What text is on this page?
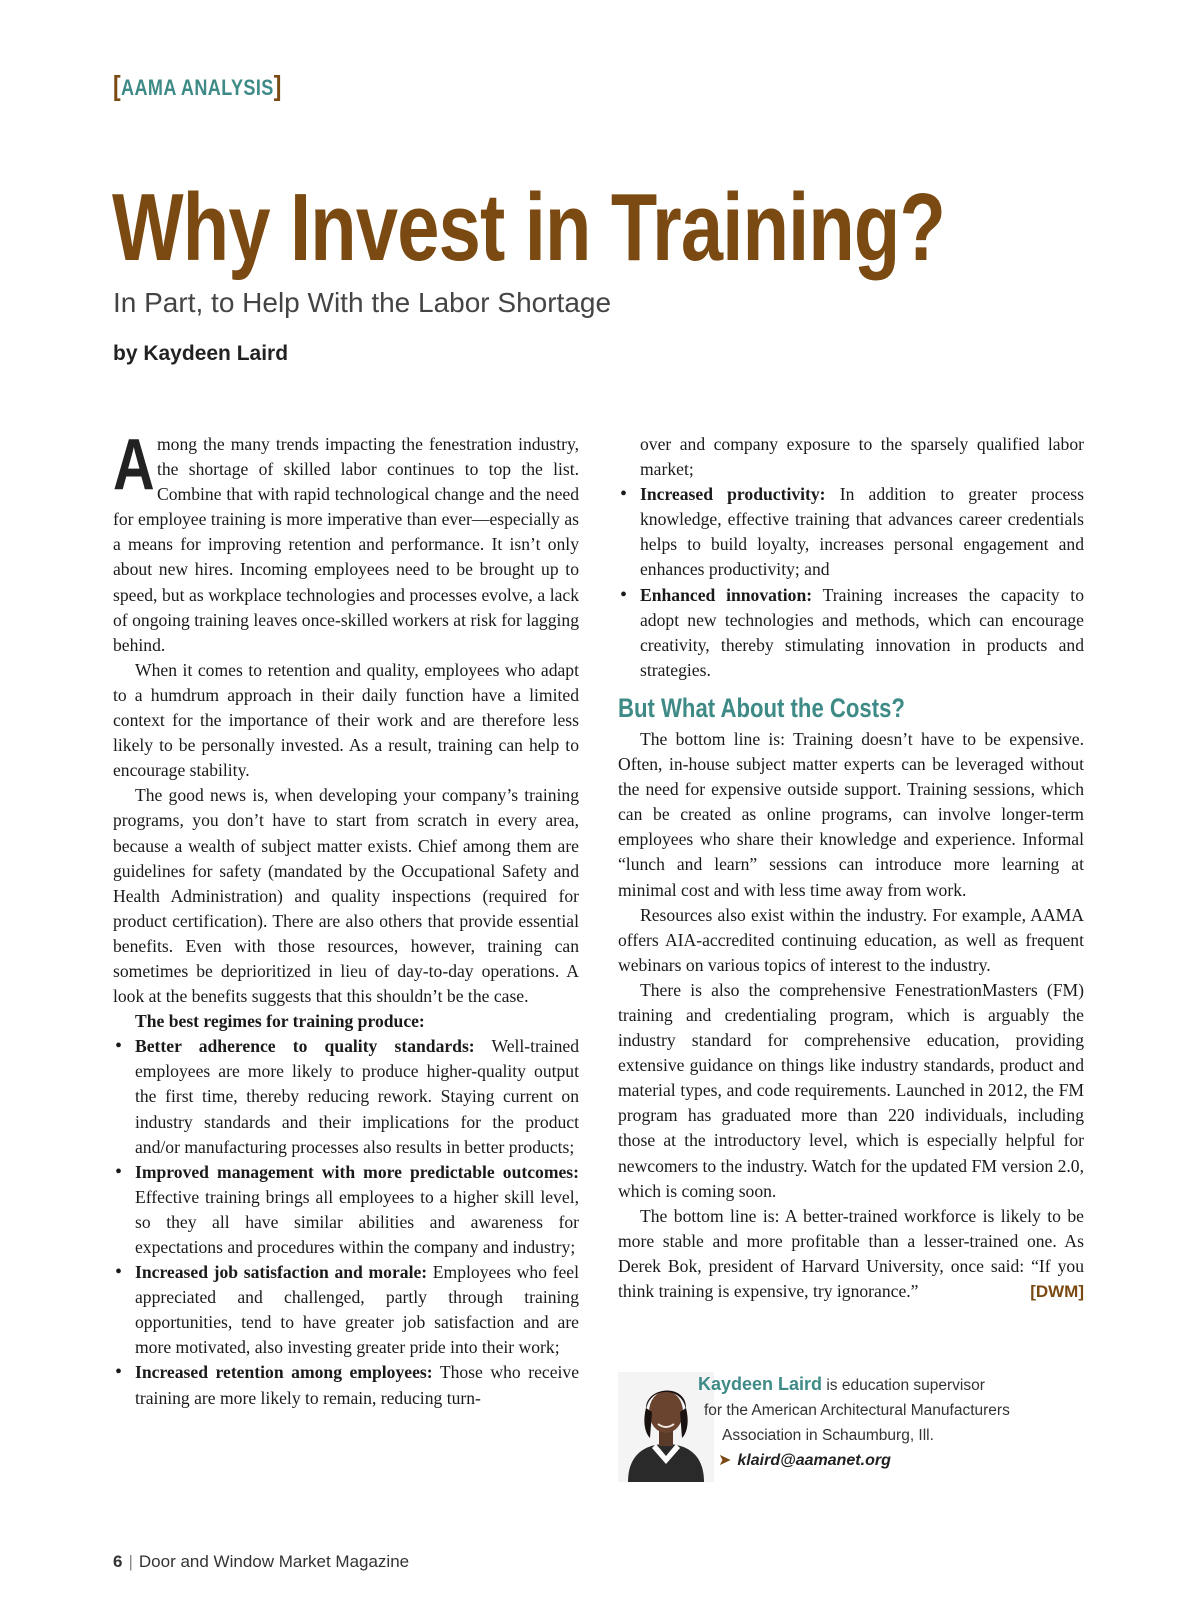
[AAMA ANALYSIS]
Why Invest in Training?
In Part, to Help With the Labor Shortage
by Kaydeen Laird

Among the many trends impacting the fenestration industry, the shortage of skilled labor continues to top the list. Combine that with rapid technological change and the need for employee training is more imperative than ever—especially as a means for improving retention and performance. It isn’t only about new hires. Incoming employees need to be brought up to speed, but as workplace technologies and processes evolve, a lack of ongoing training leaves once-skilled workers at risk for lagging behind.

When it comes to retention and quality, employees who adapt to a humdrum approach in their daily function have a limited context for the importance of their work and are therefore less likely to be personally invested. As a result, training can help to encourage stability.

The good news is, when developing your company’s training programs, you don’t have to start from scratch in every area, because a wealth of subject matter exists. Chief among them are guidelines for safety (mandated by the Occupational Safety and Health Administration) and quality inspections (required for product certification). There are also others that provide essential benefits. Even with those resources, however, training can sometimes be deprioritized in lieu of day-to-day operations. A look at the benefits suggests that this shouldn’t be the case.

The best regimes for training produce:

• Better adherence to quality standards: Well-trained employees are more likely to produce higher-quality output the first time, thereby reducing rework. Staying current on industry standards and their implications for the product and/or manufacturing processes also results in better products;
• Improved management with more predictable outcomes: Effective training brings all employees to a higher skill level, so they all have similar abilities and awareness for expectations and procedures within the company and industry;
• Increased job satisfaction and morale: Employees who feel appreciated and challenged, partly through training opportunities, tend to have greater job satisfaction and are more motivated, also investing greater pride into their work;
• Increased retention among employees: Those who receive training are more likely to remain, reducing turn-

over and company exposure to the sparsely qualified labor market;

• Increased productivity: In addition to greater process knowledge, effective training that advances career credentials helps to build loyalty, increases personal engagement and enhances productivity; and
• Enhanced innovation: Training increases the capacity to adopt new technologies and methods, which can encourage creativity, thereby stimulating innovation in products and strategies.
But What About the Costs?

The bottom line is: Training doesn’t have to be expensive. Often, in-house subject matter experts can be leveraged without the need for expensive outside support. Training sessions, which can be created as online programs, can involve longer-term employees who share their knowledge and experience. Informal “lunch and learn” sessions can introduce more learning at minimal cost and with less time away from work.

Resources also exist within the industry. For example, AAMA offers AIA-accredited continuing education, as well as frequent webinars on various topics of interest to the industry.

There is also the comprehensive FenestrationMasters (FM) training and credentialing program, which is arguably the industry standard for comprehensive education, providing extensive guidance on things like industry standards, product and material types, and code requirements. Launched in 2012, the FM program has graduated more than 220 individuals, including those at the introductory level, which is especially helpful for newcomers to the industry. Watch for the updated FM version 2.0, which is coming soon.

The bottom line is: A better-trained workforce is likely to be more stable and more profitable than a lesser-trained one. As Derek Bok, president of Harvard University, once said: “If you think training is expensive, try ignorance.”	[DWM]

Kaydeen Laird is education supervisor
for the American Architectural Manufacturers
Association in Schaumburg, Ill.
➤ klaird@aamanet.org
6 | Door and Window Market Magazine
